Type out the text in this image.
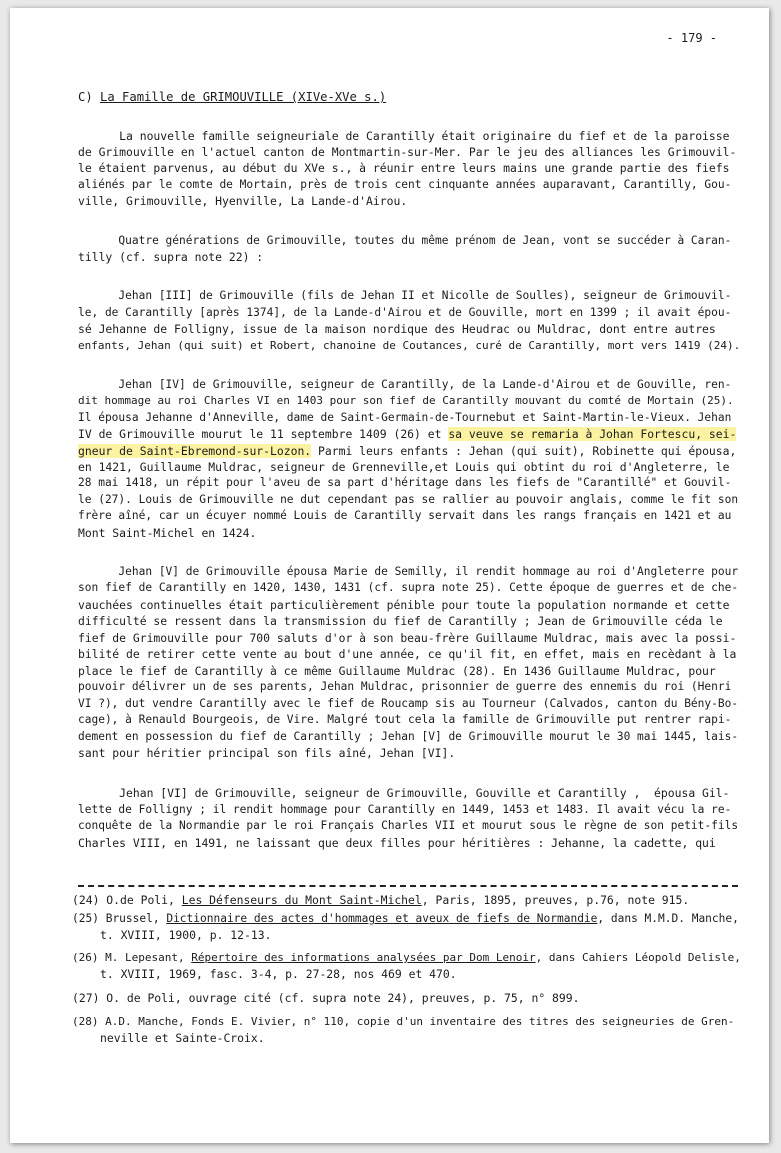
- 179 -
C) La Famille de GRIMOUVILLE (XIVe-XVe s.)
La nouvelle famille seigneuriale de Carantilly était originaire du fief et de la paroisse
de Grimouville en l'actuel canton de Montmartin-sur-Mer. Par le jeu des alliances les Grimouvil-
le étaient parvenus, au début du XVe s., à réunir entre leurs mains une grande partie des fiefs
aliénés par le comte de Mortain, près de trois cent cinquante années auparavant, Carantilly, Gou-
ville, Grimouville, Hyenville, La Lande-d'Airou.
Quatre générations de Grimouville, toutes du même prénom de Jean, vont se succéder à Caran-
tilly (cf. supra note 22) :
Jehan [III] de Grimouville (fils de Jehan II et Nicolle de Soulles), seigneur de Grimouvil-
le, de Carantilly [après 1374], de la Lande-d'Airou et de Gouville, mort en 1399 ; il avait épou-
sé Jehanne de Folligny, issue de la maison nordique des Heudrac ou Muldrac, dont entre autres
enfants, Jehan (qui suit) et Robert, chanoine de Coutances, curé de Carantilly, mort vers 1419 (24).
Jehan [IV] de Grimouville, seigneur de Carantilly, de la Lande-d'Airou et de Gouville, ren-
dit hommage au roi Charles VI en 1403 pour son fief de Carantilly mouvant du comté de Mortain (25).
Il épousa Jehanne d'Anneville, dame de Saint-Germain-de-Tournebut et Saint-Martin-le-Vieux. Jehan
IV de Grimouville mourut le 11 septembre 1409 (26) et sa veuve se remaria à Johan Fortescu, sei-
gneur de Saint-Ebremond-sur-Lozon. Parmi leurs enfants : Jehan (qui suit), Robinette qui épousa,
en 1421, Guillaume Muldrac, seigneur de Grenneville,et Louis qui obtint du roi d'Angleterre, le
28 mai 1418, un répit pour l'aveu de sa part d'héritage dans les fiefs de "Carantillé" et Gouvil-
le (27). Louis de Grimouville ne dut cependant pas se rallier au pouvoir anglais, comme le fit son
frère aîné, car un écuyer nommé Louis de Carantilly servait dans les rangs français en 1421 et au
Mont Saint-Michel en 1424.
Jehan [V] de Grimouville épousa Marie de Semilly, il rendit hommage au roi d'Angleterre pour
son fief de Carantilly en 1420, 1430, 1431 (cf. supra note 25). Cette époque de guerres et de che-
vauchées continuelles était particulièrement pénible pour toute la population normande et cette
difficulté se ressent dans la transmission du fief de Carantilly ; Jean de Grimouville céda le
fief de Grimouville pour 700 saluts d'or à son beau-frère Guillaume Muldrac, mais avec la possi-
bilité de retirer cette vente au bout d'une année, ce qu'il fit, en effet, mais en recèdant à la
place le fief de Carantilly à ce même Guillaume Muldrac (28). En 1436 Guillaume Muldrac, pour
pouvoir délivrer un de ses parents, Jehan Muldrac, prisonnier de guerre des ennemis du roi (Henri
VI ?), dut vendre Carantilly avec le fief de Roucamp sis au Tourneur (Calvados, canton du Bény-Bo-
cage), à Renauld Bourgeois, de Vire. Malgré tout cela la famille de Grimouville put rentrer rapi-
dement en possession du fief de Carantilly ; Jehan [V] de Grimouville mourut le 30 mai 1445, lais-
sant pour héritier principal son fils aîné, Jehan [VI].
Jehan [VI] de Grimouville, seigneur de Grimouville, Gouville et Carantilly ,  épousa Gil-
lette de Folligny ; il rendit hommage pour Carantilly en 1449, 1453 et 1483. Il avait vécu la re-
conquête de la Normandie par le roi Français Charles VII et mourut sous le règne de son petit-fils
Charles VIII, en 1491, ne laissant que deux filles pour héritières : Jehanne, la cadette, qui
(24) O.de Poli, Les Défenseurs du Mont Saint-Michel, Paris, 1895, preuves, p.76, note 915.
(25) Brussel, Dictionnaire des actes d'hommages et aveux de fiefs de Normandie, dans M.M.D. Manche,
t. XVIII, 1900, p. 12-13.
(26) M. Lepesant, Répertoire des informations analysées par Dom Lenoir, dans Cahiers Léopold Delisle,
t. XVIII, 1969, fasc. 3-4, p. 27-28, nos 469 et 470.
(27) O. de Poli, ouvrage cité (cf. supra note 24), preuves, p. 75, n° 899.
(28) A.D. Manche, Fonds E. Vivier, n° 110, copie d'un inventaire des titres des seigneuries de Gren-
neville et Sainte-Croix.
